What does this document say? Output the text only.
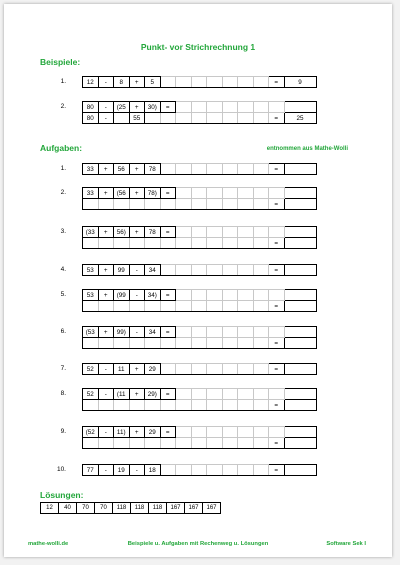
Punkt- vor Strichrechnung 1
Beispiele:
Aufgaben:	entnommen aus Mathe-Wolli
1.	12	-	8	+	5								=	9
2.	80	-	(25	+	30)	=								
80	-		55									=	25
1.	33	+	56	+	78								=	
2.	33	+	(56	+	78)	=								
												=	
3.	(33	+	56)	+	78	=								
												=	
4.	53	+	99	-	34								=	
5.	53	+	(99	-	34)	=								
												=	
6.	(53	+	99)	-	34	=								
												=	
7.	52	-	11	+	29								=	
8.	52	-	(11	+	29)	=								
												=	
9.	(52	-	11)	+	29	=								
												=	
10.	77	-	19	-	18								=	
Lösungen:
12	40	70	70	118	118	118	167	167	167
mathe-wolli.de	Beispiele u. Aufgaben mit Rechenweg u. Lösungen	Software Sek I
